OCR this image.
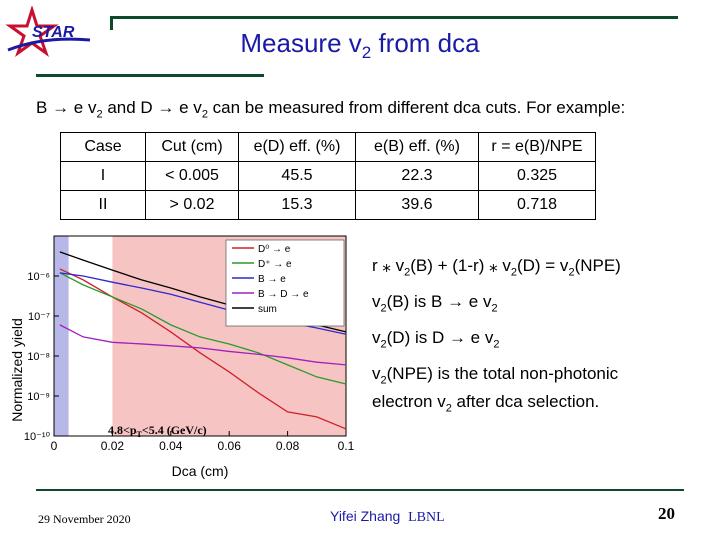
STAR	Measure $v_2$ from dca
B → e $v_2$ and D → e $v_2$ can be measured from different dca cuts. For example:
Case	Cut (cm)	e(D) eff. (%)	e(B) eff. (%)	r = e(B)/NPE
I	< 0.005	45.5	22.3	0.325
II	> 0.02	15.3	39.6	0.718
0	0.02	0.04	0.06	0.08	0.1
10⁻⁶
10⁻⁷
10⁻⁸
10⁻⁹
10⁻¹⁰
D⁰ → e
D⁺ → e
B → e
B → D → e
sum
Normalized yield
Dca (cm)
$4.8<p_T<5.4$ (GeV/c)
r ⁎ $v_2(B) + (1-r)$ ⁎ $v_2(D) = v_2(NPE)$
$v_2(B)$ is B → e $v_2$
$v_2(D)$ is D → e $v_2$
$v_2(NPE)$ is the total non-photonic
electron $v_2$ after dca selection.
29 November 2020	Yifei Zhang LBNL	20
